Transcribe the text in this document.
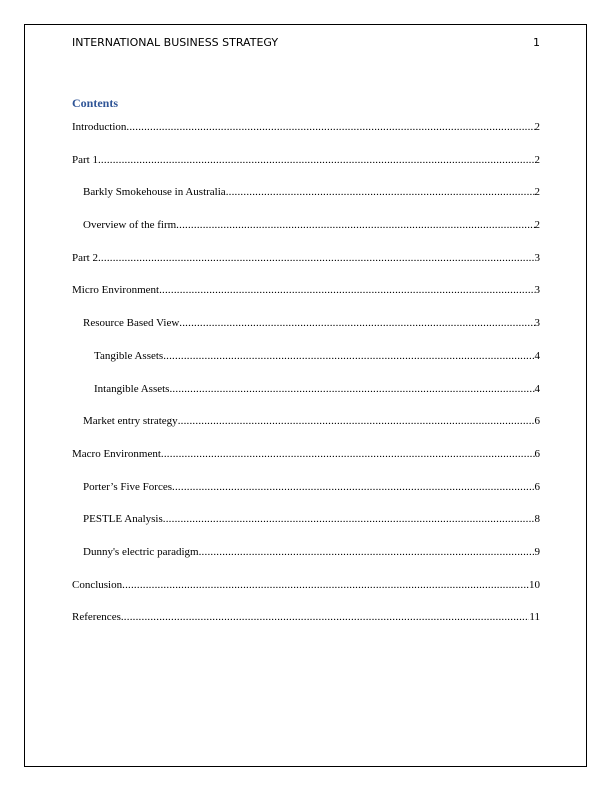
INTERNATIONAL BUSINESS STRATEGY	1
Contents
Introduction .....	2
Part 1 .....	2
Barkly Smokehouse in Australia .....	2
Overview of the firm .....	2
Part 2 .....	3
Micro Environment .....	3
Resource Based View .....	3
Tangible Assets .....	4
Intangible Assets .....	4
Market entry strategy .....	6
Macro Environment .....	6
Porter’s Five Forces .....	6
PESTLE Analysis .....	8
Dunny's electric paradigm .....	9
Conclusion .....	10
References .....	11
